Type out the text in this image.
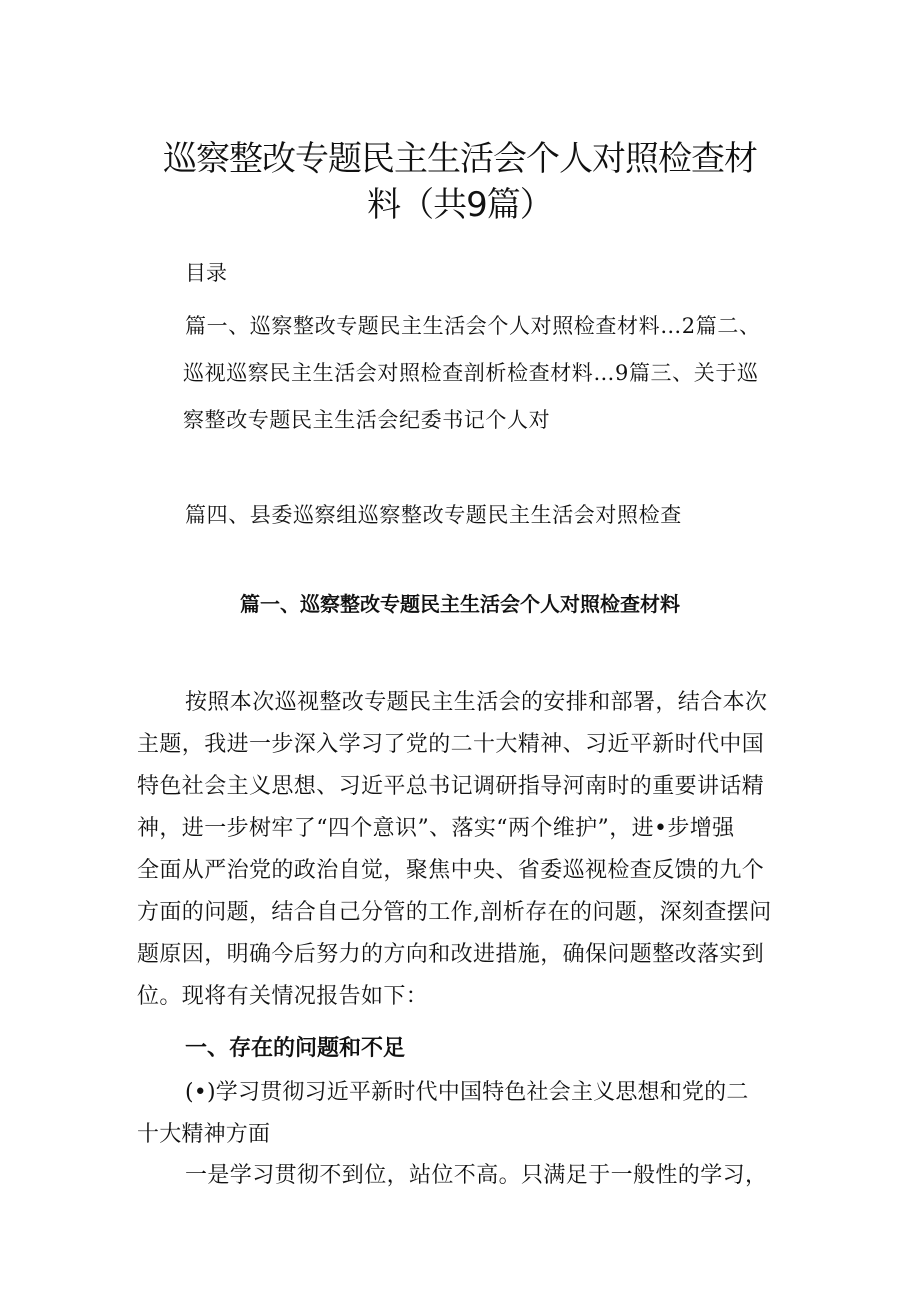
巡察整改专题民主生活会个人对照检查材
料（共9篇）

目录

篇一、巡察整改专题民主生活会个人对照检查材料…2篇二、
巡视巡察民主生活会对照检查剖析检查材料…9篇三、关于巡
察整改专题民主生活会纪委书记个人对

篇四、县委巡察组巡察整改专题民主生活会对照检查

篇一、巡察整改专题民主生活会个人对照检查材料

按照本次巡视整改专题民主生活会的安排和部署，结合本次
主题，我进一步深入学习了党的二十大精神、习近平新时代中国
特色社会主义思想、习近平总书记调研指导河南时的重要讲话精
神，进一步树牢了“四个意识”、落实“两个维护”，进•步增强
全面从严治党的政治自觉，聚焦中央、省委巡视检查反馈的九个
方面的问题，结合自己分管的工作,剖析存在的问题，深刻查摆问
题原因，明确今后努力的方向和改进措施，确保问题整改落实到
位。现将有关情况报告如下：

一、存在的问题和不足

(•)学习贯彻习近平新时代中国特色社会主义思想和党的二
十大精神方面

一是学习贯彻不到位，站位不高。只满足于一般性的学习，
